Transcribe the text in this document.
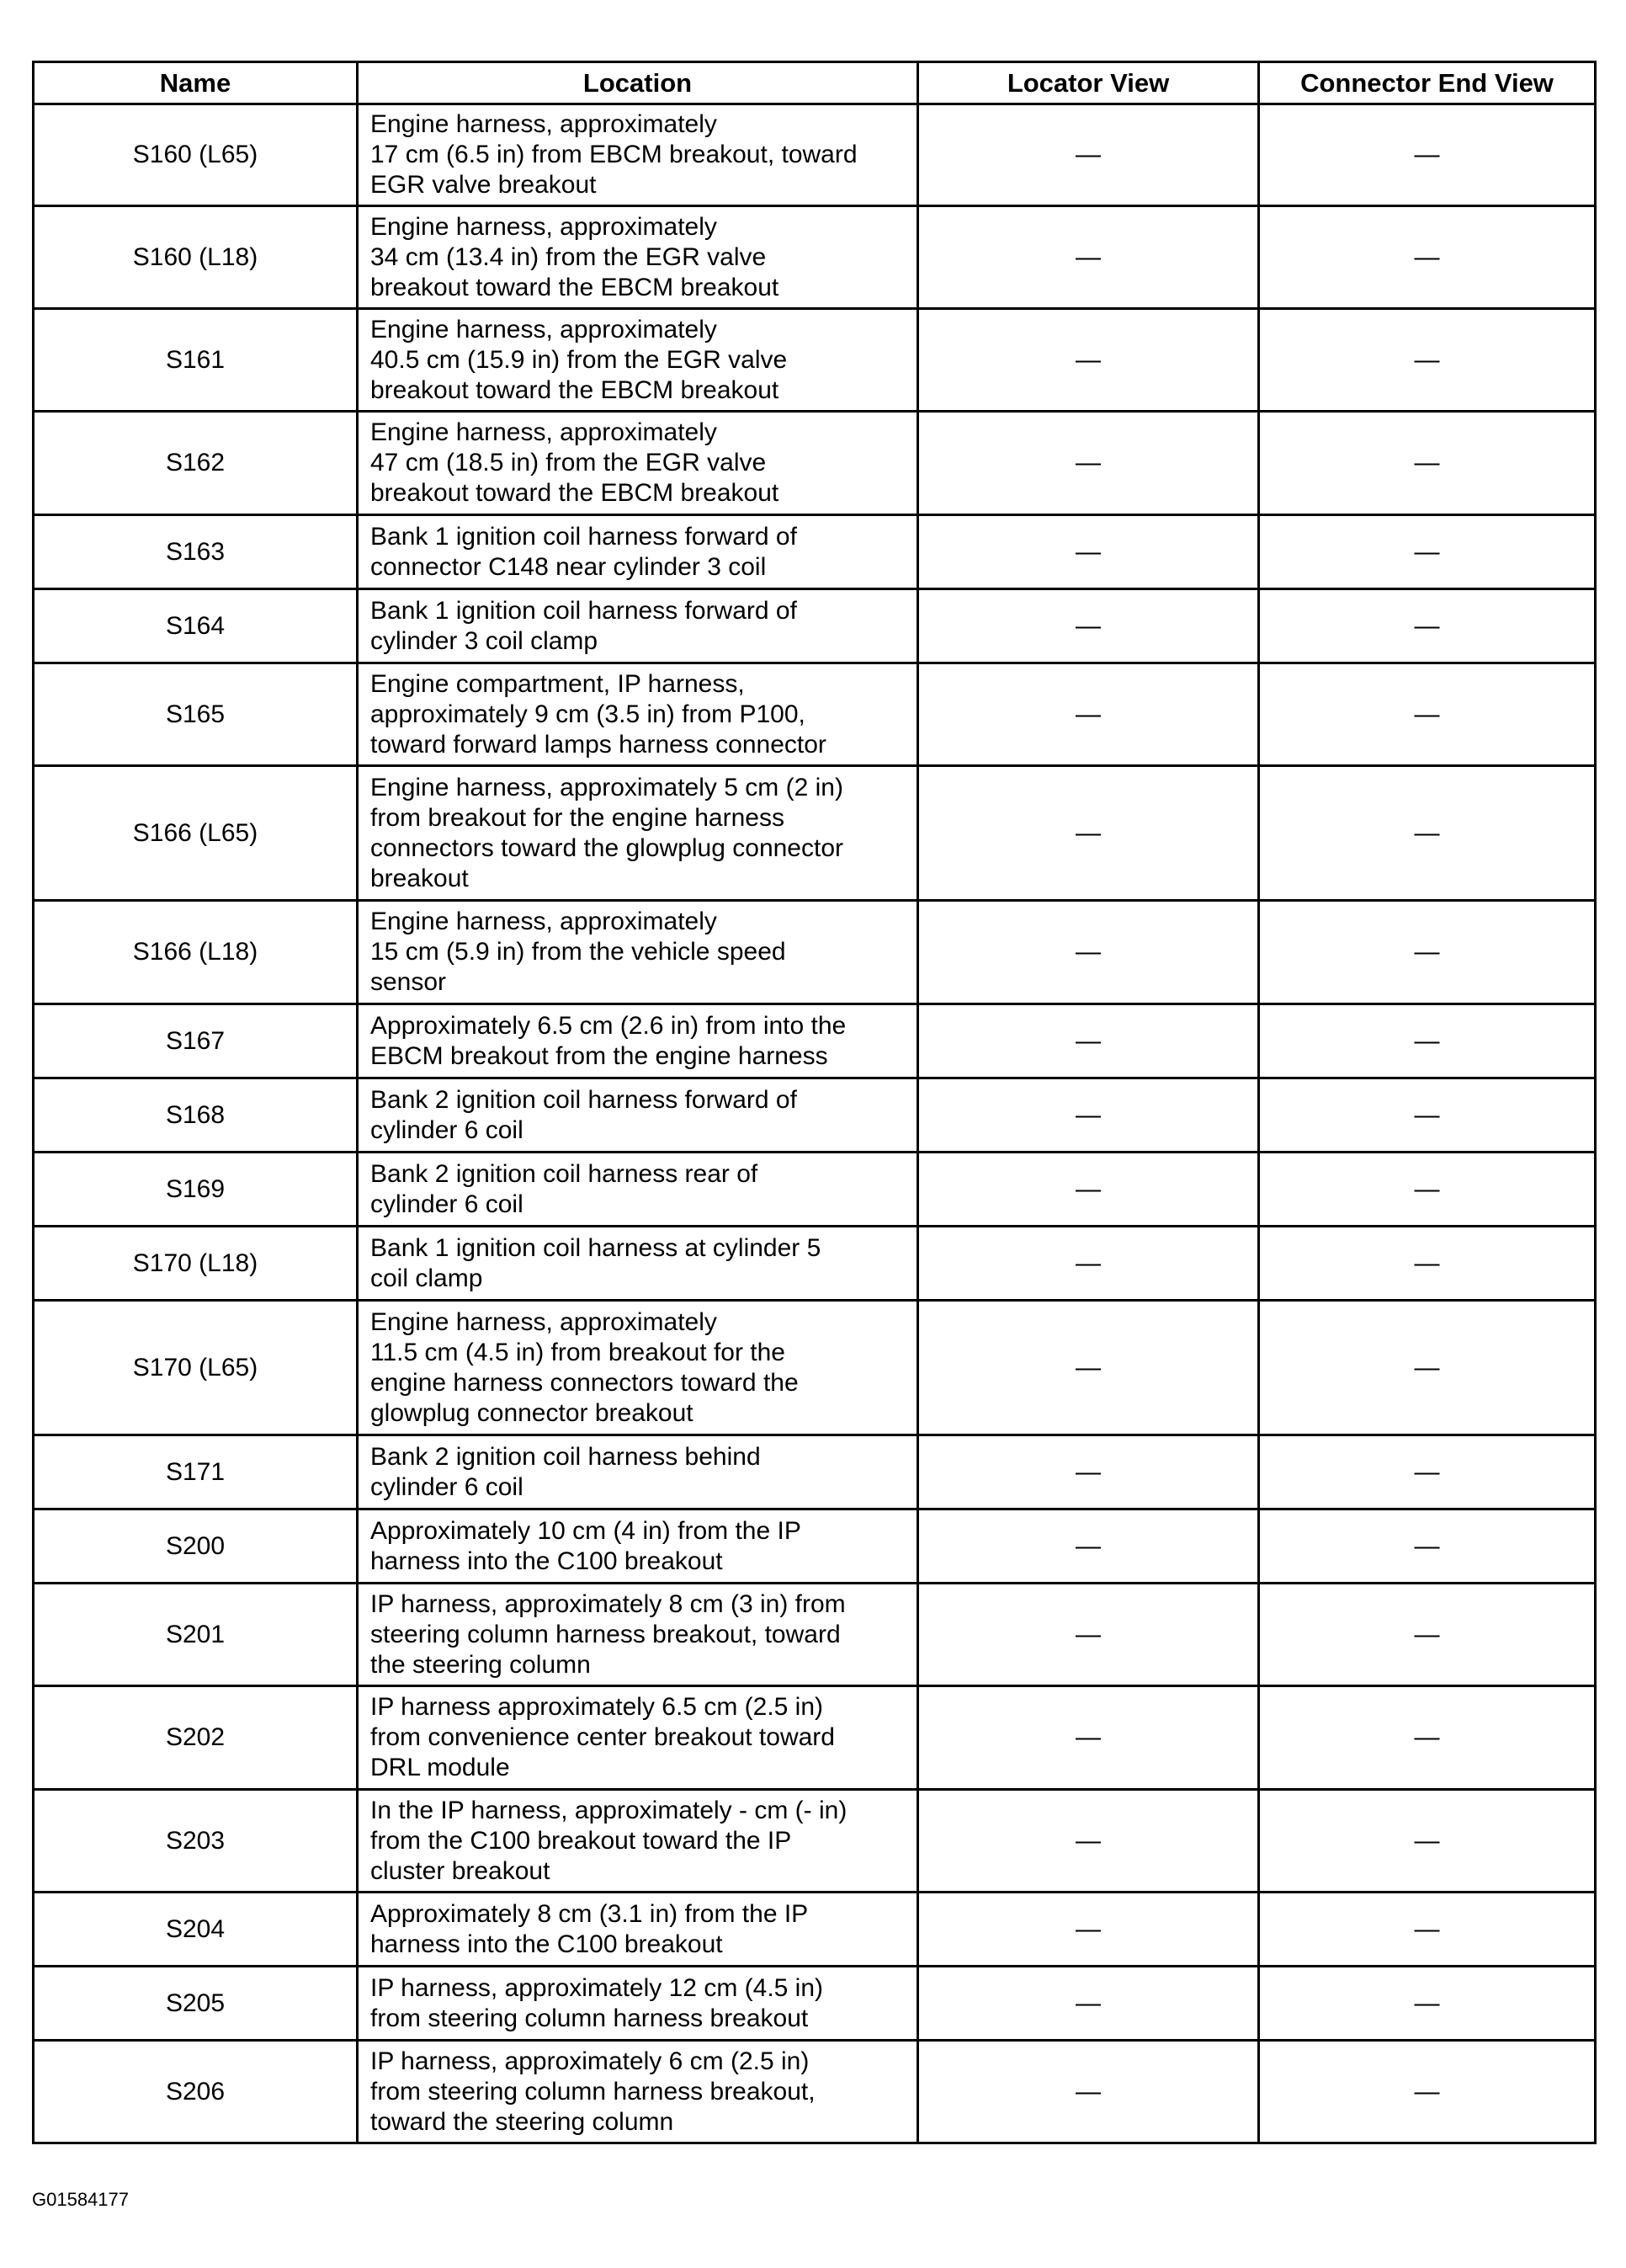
Name	Location	Locator View	Connector End View
S160 (L65)	Engine harness, approximately
17 cm (6.5 in) from EBCM breakout, toward
EGR valve breakout	—	—
S160 (L18)	Engine harness, approximately
34 cm (13.4 in) from the EGR valve
breakout toward the EBCM breakout	—	—
S161	Engine harness, approximately
40.5 cm (15.9 in) from the EGR valve
breakout toward the EBCM breakout	—	—
S162	Engine harness, approximately
47 cm (18.5 in) from the EGR valve
breakout toward the EBCM breakout	—	—
S163	Bank 1 ignition coil harness forward of
connector C148 near cylinder 3 coil	—	—
S164	Bank 1 ignition coil harness forward of
cylinder 3 coil clamp	—	—
S165	Engine compartment, IP harness,
approximately 9 cm (3.5 in) from P100,
toward forward lamps harness connector	—	—
S166 (L65)	Engine harness, approximately 5 cm (2 in)
from breakout for the engine harness
connectors toward the glowplug connector
breakout	—	—
S166 (L18)	Engine harness, approximately
15 cm (5.9 in) from the vehicle speed
sensor	—	—
S167	Approximately 6.5 cm (2.6 in) from into the
EBCM breakout from the engine harness	—	—
S168	Bank 2 ignition coil harness forward of
cylinder 6 coil	—	—
S169	Bank 2 ignition coil harness rear of
cylinder 6 coil	—	—
S170 (L18)	Bank 1 ignition coil harness at cylinder 5
coil clamp	—	—
S170 (L65)	Engine harness, approximately
11.5 cm (4.5 in) from breakout for the
engine harness connectors toward the
glowplug connector breakout	—	—
S171	Bank 2 ignition coil harness behind
cylinder 6 coil	—	—
S200	Approximately 10 cm (4 in) from the IP
harness into the C100 breakout	—	—
S201	IP harness, approximately 8 cm (3 in) from
steering column harness breakout, toward
the steering column	—	—
S202	IP harness approximately 6.5 cm (2.5 in)
from convenience center breakout toward
DRL module	—	—
S203	In the IP harness, approximately - cm (- in)
from the C100 breakout toward the IP
cluster breakout	—	—
S204	Approximately 8 cm (3.1 in) from the IP
harness into the C100 breakout	—	—
S205	IP harness, approximately 12 cm (4.5 in)
from steering column harness breakout	—	—
S206	IP harness, approximately 6 cm (2.5 in)
from steering column harness breakout,
toward the steering column	—	—
G01584177
